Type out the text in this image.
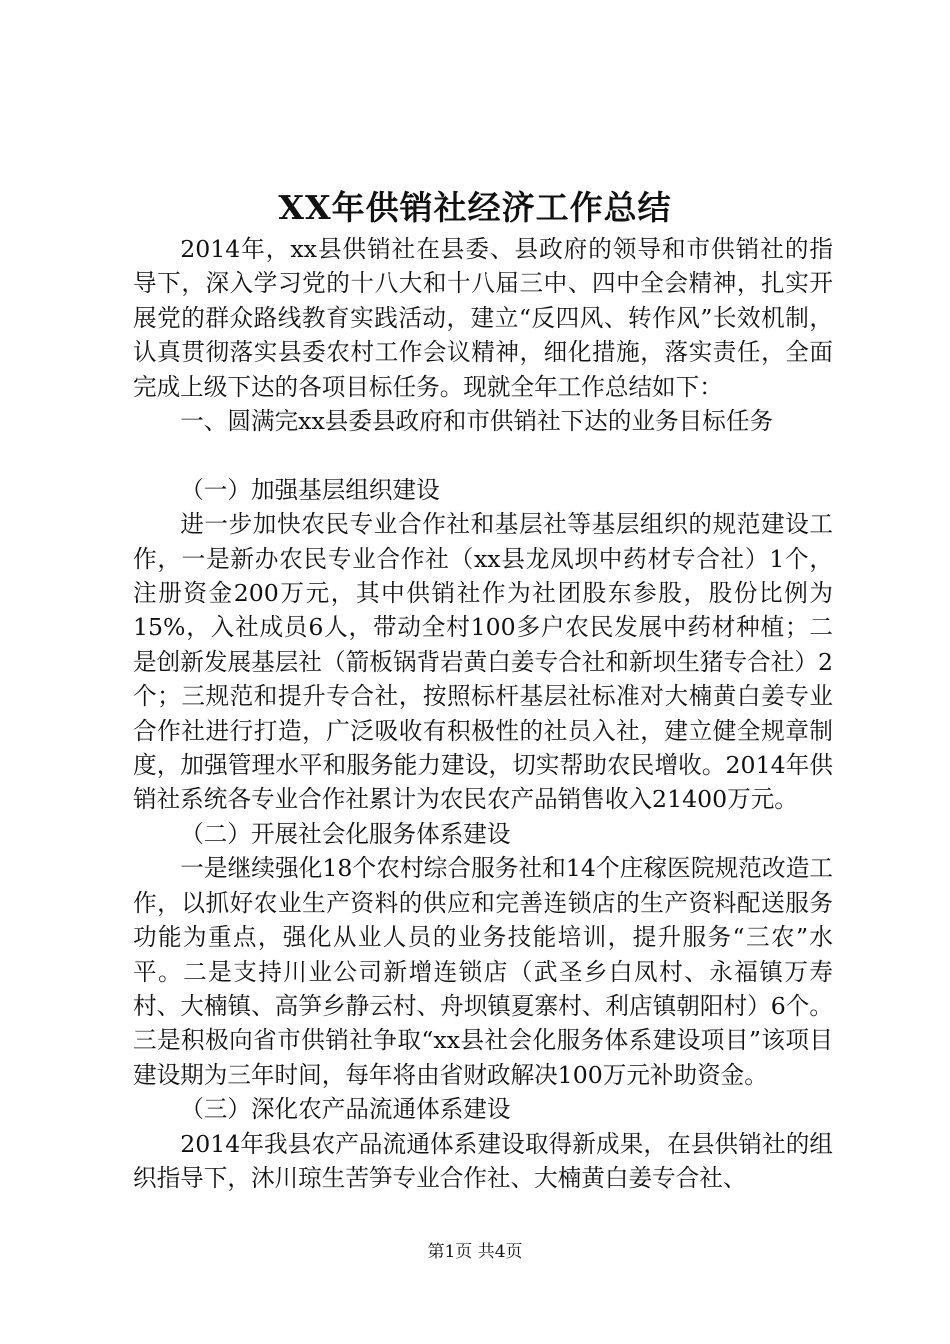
XX年供销社经济工作总结

2014年，xx县供销社在县委、县政府的领导和市供销社的指导下，深入学习党的十八大和十八届三中、四中全会精神，扎实开展党的群众路线教育实践活动，建立“反四风、转作风”长效机制，认真贯彻落实县委农村工作会议精神，细化措施，落实责任，全面完成上级下达的各项目标任务。现就全年工作总结如下：

一、圆满完xx县委县政府和市供销社下达的业务目标任务

（一）加强基层组织建设

进一步加快农民专业合作社和基层社等基层组织的规范建设工作，一是新办农民专业合作社（xx县龙凤坝中药材专合社）1个，注册资金200万元，其中供销社作为社团股东参股，股份比例为15%，入社成员6人，带动全村100多户农民发展中药材种植；二是创新发展基层社（箭板锅背岩黄白姜专合社和新坝生猪专合社）2个；三规范和提升专合社，按照标杆基层社标准对大楠黄白姜专业合作社进行打造，广泛吸收有积极性的社员入社，建立健全规章制度，加强管理水平和服务能力建设，切实帮助农民增收。2014年供销社系统各专业合作社累计为农民农产品销售收入21400万元。

（二）开展社会化服务体系建设

一是继续强化18个农村综合服务社和14个庄稼医院规范改造工作，以抓好农业生产资料的供应和完善连锁店的生产资料配送服务功能为重点，强化从业人员的业务技能培训，提升服务“三农”水平。二是支持川业公司新增连锁店（武圣乡白凤村、永福镇万寿村、大楠镇、高笋乡静云村、舟坝镇夏寨村、利店镇朝阳村）6个。三是积极向省市供销社争取“xx县社会化服务体系建设项目”该项目建设期为三年时间，每年将由省财政解决100万元补助资金。

（三）深化农产品流通体系建设

2014年我县农产品流通体系建设取得新成果，在县供销社的组织指导下，沐川琼生苦笋专业合作社、大楠黄白姜专合社、

第1页 共4页
